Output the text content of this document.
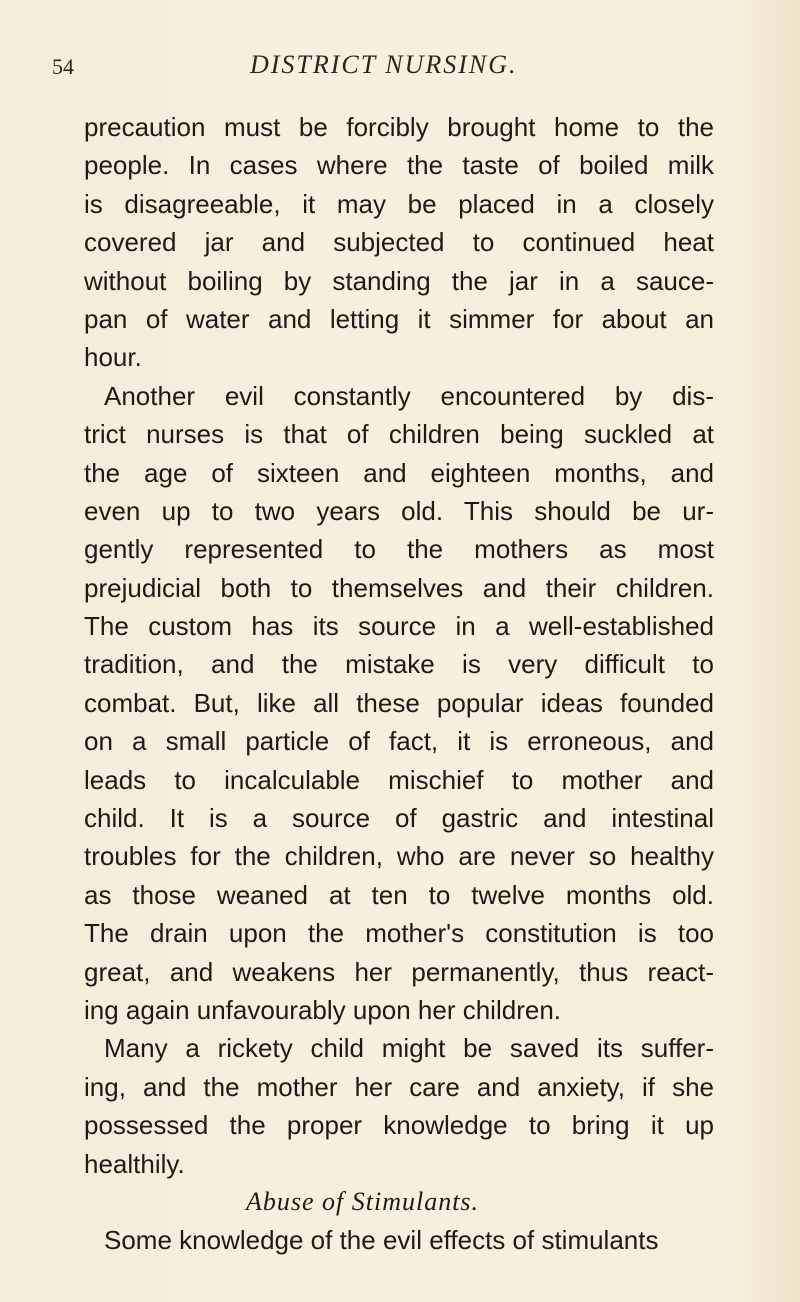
54	DISTRICT NURSING.
precaution must be forcibly brought home to the
people. In cases where the taste of boiled milk
is disagreeable, it may be placed in a closely
covered jar and subjected to continued heat
without boiling by standing the jar in a sauce-
pan of water and letting it simmer for about an
hour.
Another evil constantly encountered by dis-
trict nurses is that of children being suckled at
the age of sixteen and eighteen months, and
even up to two years old. This should be ur-
gently represented to the mothers as most
prejudicial both to themselves and their children.
The custom has its source in a well-established
tradition, and the mistake is very difficult to
combat. But, like all these popular ideas founded
on a small particle of fact, it is erroneous, and
leads to incalculable mischief to mother and
child. It is a source of gastric and intestinal
troubles for the children, who are never so healthy
as those weaned at ten to twelve months old.
The drain upon the mother's constitution is too
great, and weakens her permanently, thus react-
ing again unfavourably upon her children.
Many a rickety child might be saved its suffer-
ing, and the mother her care and anxiety, if she
possessed the proper knowledge to bring it up
healthily.
Abuse of Stimulants.
Some knowledge of the evil effects of stimulants
